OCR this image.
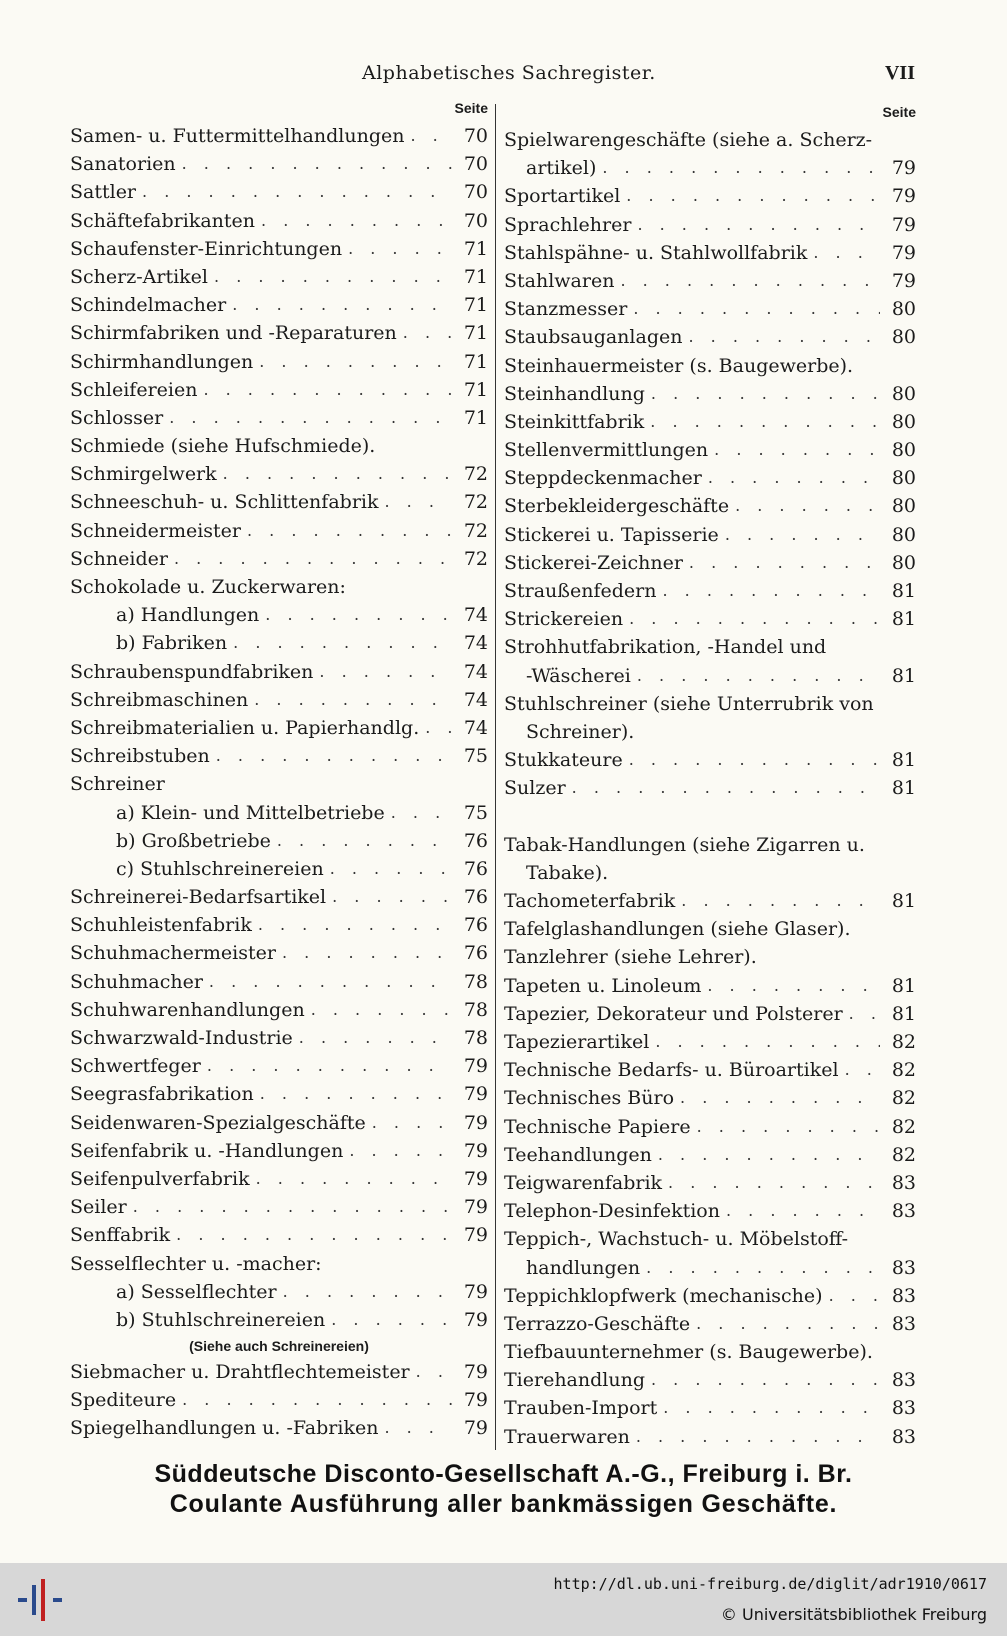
Alphabetisches Sachregister.	VII
Seite
Samen- u. Futtermittelhandlungen . . .	70
Sanatorien . . .	70
Sattler . . .	70
Schäftefabrikanten . . .	70
Schaufenster-Einrichtungen . . .	71
Scherz-Artikel . . .	71
Schindelmacher . . .	71
Schirmfabriken und -Reparaturen . . .	71
Schirmhandlungen . . .	71
Schleifereien . . .	71
Schlosser . . .	71
Schmiede (siehe Hufschmiede).
Schmirgelwerk . . .	72
Schneeschuh- u. Schlittenfabrik . . .	72
Schneidermeister . . .	72
Schneider . . .	72
Schokolade u. Zuckerwaren:
a) Handlungen . . .	74
b) Fabriken . . .	74
Schraubenspundfabriken . . .	74
Schreibmaschinen . . .	74
Schreibmaterialien u. Papierhandlg. . . .	74
Schreibstuben . . .	75
Schreiner
a) Klein- und Mittelbetriebe . . .	75
b) Großbetriebe . . .	76
c) Stuhlschreinereien . . .	76
Schreinerei-Bedarfsartikel . . .	76
Schuhleistenfabrik . . .	76
Schuhmachermeister . . .	76
Schuhmacher . . .	78
Schuhwarenhandlungen . . .	78
Schwarzwald-Industrie . . .	78
Schwertfeger . . .	79
Seegrasfabrikation . . .	79
Seidenwaren-Spezialgeschäfte . . .	79
Seifenfabrik u. -Handlungen . . .	79
Seifenpulverfabrik . . .	79
Seiler . . .	79
Senffabrik . . .	79
Sesselflechter u. -macher:
a) Sesselflechter . . .	79
b) Stuhlschreinereien . . .	79
(Siehe auch Schreinereien)
Siebmacher u. Drahtflechtemeister . . .	79
Spediteure . . .	79
Spiegelhandlungen u. -Fabriken . . .	79
Seite
Spielwarengeschäfte (siehe a. Scherz-
artikel) . . .	79
Sportartikel . . .	79
Sprachlehrer . . .	79
Stahlspähne- u. Stahlwollfabrik . . .	79
Stahlwaren . . .	79
Stanzmesser . . .	80
Staubsauganlagen . . .	80
Steinhauermeister (s. Baugewerbe).
Steinhandlung . . .	80
Steinkittfabrik . . .	80
Stellenvermittlungen . . .	80
Steppdeckenmacher . . .	80
Sterbekleidergeschäfte . . .	80
Stickerei u. Tapisserie . . .	80
Stickerei-Zeichner . . .	80
Straußenfedern . . .	81
Strickereien . . .	81
Strohhutfabrikation, -Handel und
-Wäscherei . . .	81
Stuhlschreiner (siehe Unterrubrik von
Schreiner).
Stukkateure . . .	81
Sulzer . . .	81
Tabak-Handlungen (siehe Zigarren u.
Tabake).
Tachometerfabrik . . .	81
Tafelglashandlungen (siehe Glaser).
Tanzlehrer (siehe Lehrer).
Tapeten u. Linoleum . . .	81
Tapezier, Dekorateur und Polsterer . . .	81
Tapezierartikel . . .	82
Technische Bedarfs- u. Büroartikel . . .	82
Technisches Büro . . .	82
Technische Papiere . . .	82
Teehandlungen . . .	82
Teigwarenfabrik . . .	83
Telephon-Desinfektion . . .	83
Teppich-, Wachstuch- u. Möbelstoff-
handlungen . . .	83
Teppichklopfwerk (mechanische) . . .	83
Terrazzo-Geschäfte . . .	83
Tiefbauunternehmer (s. Baugewerbe).
Tierehandlung . . .	83
Trauben-Import . . .	83
Trauerwaren . . .	83
Süddeutsche Disconto-Gesellschaft A.-G., Freiburg i. Br.
Coulante Ausführung aller bankmässigen Geschäfte.
http://dl.ub.uni-freiburg.de/diglit/adr1910/0617
© Universitätsbibliothek Freiburg
